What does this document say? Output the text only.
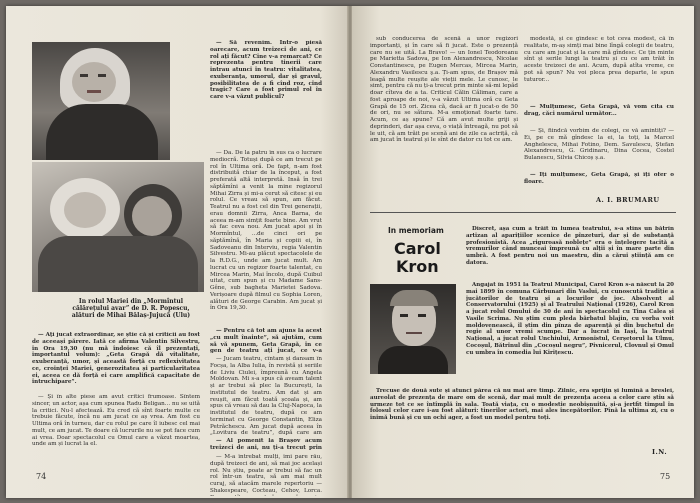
In rolul Mariei din „Mormîntul călărețului avar” de D. R. Popescu, alături de Mihai Bălaș-Jujucă (Ulu)

— Să revenim. Intr-o piesă oarecare, acum treizeci de ani, ce rol ați făcut? Cine v-a remarcat? Ce reprezenta pentru tinerii care intrau atunci în teatru: vitalitatea, exuberanța, umorul, dar și gravul, posibilitatea de a fi cînd roz, cînd tragic? Care a fost primul rol în care v-a văzut publicul?

— Da. De la patru în sus ca o lucrare mediocră. Totuși după ce am trecut pe rol în Ultima oră. De fapt, n-am fost distribuită chiar de la început, a fost preferată altă interpretă. Insă în trei săptămîni a venit la mine regizorul Mihai Zirra și mi-a cerut să citesc și eu rolul. Ce vreau să spun, am făcut. Teatrul nu a fost cel din Trei generații, erau domnii Zirra, Anca Barna, de aceea m-am simțit foarte bine. Am vrut să fac ceva nou. Am jucat apoi și în Mormîntul, ...de cinci ori pe săptămînă, în Maria și copiii ei, în Sadoveanu din Interviu, regia Valentin Silvestru. Mi-au plăcut spectacolele de la R.D.G., unde am jucat mult. Am lucrat cu un regizor foarte talentat, cu Mircea Marin, Mai încolo, după Cuibul uitat, cum spun și cu Madame Sans-Gêne, sub bagheta Marietei Sadova. Verișoare după filmul cu Sophia Loren, alături de George Carabin. Am jucat și în Ora 19,30.

— Pentru că tot am ajuns la acest „cu mult înainte”, să ajutăm, cum să vă spunem, Geta Grapă, în ce gen de teatru ați jucat, ce v-a

— Jucam teatru, cîntam și dansam în Focșa, la Alba Iulia, în revistă și seriile de Liviu Ciulei, împreună cu Angela Moldovan. Mi s-a spus că aveam talent și ar trebui să plec la București, la institutul de teatru. Am dat și am reușit, am făcut toată școala și, am spus că vreau să dau la Cluj-Napoca, la institutul de teatru, după ce am terminat cu George Constantin, Eliza Petrăchescu. Am jucat după aceea în „Lovitura de teatru”, după care am

— Al pomenit la Brașov acum treizeci de ani, nu ți-a trecut prin

— M-a întrebat mulți, îmi pare rău, după treizeci de ani, să mai joc același rol. Nu știu, poate ar trebui să fac un rol într-un teatru, să am mai mult curaj, să atacăm marele repertoriu — Shakespeare, Cocteau, Cehov, Lorca.

— Aţi jucat extraordinar, se știe că și criticii au fost de aceeași părere. Iată ce afirma Valentin Silvestru, în Ora 19,30 (nu mă îndoiesc că îl prezentați, importantul volum): „Geta Grapă dă vitalitate, exuberanță, umor, și această forță cu reflexivitatea ce, croinței Mariei, generozitatea și particularitatea ei, aceea ce dă forță ei care amplifică capacitate de întruchipare”.

— Și în alte piese am avut critici frumoase. Sîntem sincer, un actor, așa cum spunea Radu Beligan... nu se uită la critici. Nu-l afectează. Eu cred că sînt foarte multe ce trebuie făcute, încă nu am jucat ce aș vrea. Am fost cu Ultima oră în turneu, dar cu rolul pe care îl iubesc cel mai mult, ce am jucat. Te doare că lucrurile nu se pot face cum ai vrea. Doar spectacolul cu Omul care a văzut moartea, unde am și lucrat la el.

74

sub conducerea de scenă a unor regizori importanți, și în care să fi jucat. Este o prezență care nu se uită. La Bravo! — un Ionel Teodoreanu pe Marietta Sadova, pe Ion Alexandrescu, Nicolae Constantinescu, pe Eugen Mercas, Mircea Marin, Alexandru Vasilescu ş.a. Ți-am spus, de Brașov mă leagă multe reușite ale vieții mele. Le cunosc, le simt, pentru că nu ți-a trecut prin minte să-mi lepăd doar cîteva de a ta. Criticul Călin Căliman, care a fost aproape de noi, v-a văzut Ultima oră cu Geta Grapă de 15 ori. Zicea că, dacă ar fi jucat-o de 50 de ori, nu se sătura. M-a emoționat foarte tare. Acum, ce aș spune? Că am avut multe griji și deprinderi, dar așa ceva, o viață întreagă, nu pot să le uit, că am trăit pe scenă ani de zile ca actriță, că am jucat în teatrul și le sînt de dator cu tot ce am.

modestă, și ce gîndesc e tot ceva modest, că în realitate, m-aș simți mai bine lîngă colegii de teatru, cu care am jucat și la care mă gîndesc. Ce țin minte sînt și serile lungi la teatru și cu ce am trăit în aceste treizeci de ani. Acum, după atîta vreme, ce pot să spun? Nu voi pleca prea departe, le spun tuturor...

— Mulțumesc, Geta Grapă, vă vom cita cu drag, căci numărul următor...

— Și, fiindcă vorbim de colegi, ce vă amintiți? — Ei, pe ce mă gîndesc la ei, la toți, la Marcel Anghelescu, Mihai Fotino, Dem. Savulescu, Ștefan Alexandrescu, G. Gridinaru, Dina Cocea, Costel Bulanescu, Silvia Chicoș ș.a.

— Iți mulțumesc, Geta Grapă, și îți ofer o floare.

A. I. BRUMARU
In memoriam
Carol
Kron

Discret, așa cum a trăit în lumea teatrului, s-a stins un bătrîn artizan al aparițiilor scenice de pînzeturi, dar și de substanță profesionistă. Acea „riguroasă noblețe” era o înțelegere tacită a vremurilor când munceai împreună cu alții și în mare parte din umbră. A fost pentru noi un maestru, din a cărui știință am ce datora.

Angajat în 1951 la Teatrul Municipal, Carol Kron s-a născut la 20 mai 1899 în comuna Cărbunari din Vaslui, cu cunoscută tradiție a jucătorilor de teatru și a locurilor de joc. Absolvent al Conservatorului (1925) și al Teatrului Național (1926), Carol Kron a jucat rolul Omului de 30 de ani în spectacolul cu Tina Calea și Vasile Scrima. Nu știm cum pleda bărbatul blajin, cu vorba voit moldovenească, îl știm din pînza de aparență și din buchetul de regie al unor vremi scumpe. Dar a lucrat în Iași, la Teatrul Național, a jucat rolul Unchiului, Armonistul, Cerșetorul la Ulmu, Cocoșul, Bătrînul din „Cocoșul negru”, Pivnicerul, Clovnul și Omul cu umbra în comedia lui Kirițescu.

Trecuse de două sute și atunci părea că nu mai are timp. Zilnic, era sprijin și lumină a breslei, aureolat de prezența de mare om de scenă, dar mai mult de prezența aceea a celor care știu să urmeze tot ce se întîmplă în sala. Toată viața, cu o modestie neobișnuită, și-a jertfit timpul în folosul celor care i-au fost alături: tinerilor actori, mai ales începătorilor. Pînă la ultima zi, cu o inimă bună și cu un ochi ager, a fost un model pentru toți.

I.N.
75
